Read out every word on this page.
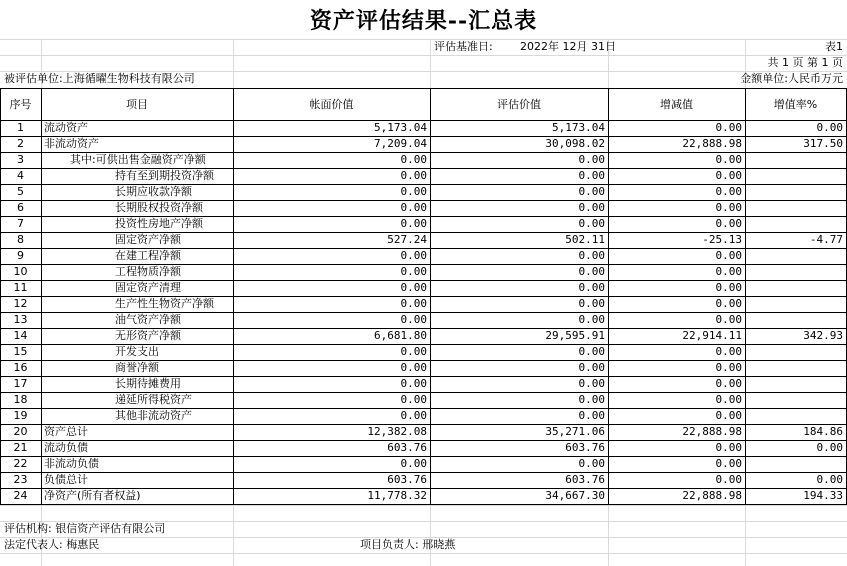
资产评估结果--汇总表
评估基准日: 2022年 12月 31日	表1
共 1 页 第 1 页
被评估单位:上海循曜生物科技有限公司	金额单位:人民币万元
序号	项目	帐面价值	评估价值	增减值	增值率%
1	流动资产	5,173.04	5,173.04	0.00	0.00
2	非流动资产	7,209.04	30,098.02	22,888.98	317.50
3	其中:可供出售金融资产净额	0.00	0.00	0.00
4	持有至到期投资净额	0.00	0.00	0.00
5	长期应收款净额	0.00	0.00	0.00
6	长期股权投资净额	0.00	0.00	0.00
7	投资性房地产净额	0.00	0.00	0.00
8	固定资产净额	527.24	502.11	-25.13	-4.77
9	在建工程净额	0.00	0.00	0.00
10	工程物质净额	0.00	0.00	0.00
11	固定资产清理	0.00	0.00	0.00
12	生产性生物资产净额	0.00	0.00	0.00
13	油气资产净额	0.00	0.00	0.00
14	无形资产净额	6,681.80	29,595.91	22,914.11	342.93
15	开发支出	0.00	0.00	0.00
16	商誉净额	0.00	0.00	0.00
17	长期待摊费用	0.00	0.00	0.00
18	递延所得税资产	0.00	0.00	0.00
19	其他非流动资产	0.00	0.00	0.00
20	资产总计	12,382.08	35,271.06	22,888.98	184.86
21	流动负债	603.76	603.76	0.00	0.00
22	非流动负债	0.00	0.00	0.00
23	负债总计	603.76	603.76	0.00	0.00
24	净资产(所有者权益)	11,778.32	34,667.30	22,888.98	194.33
评估机构: 银信资产评估有限公司
法定代表人: 梅惠民	项目负责人: 邢晓燕
